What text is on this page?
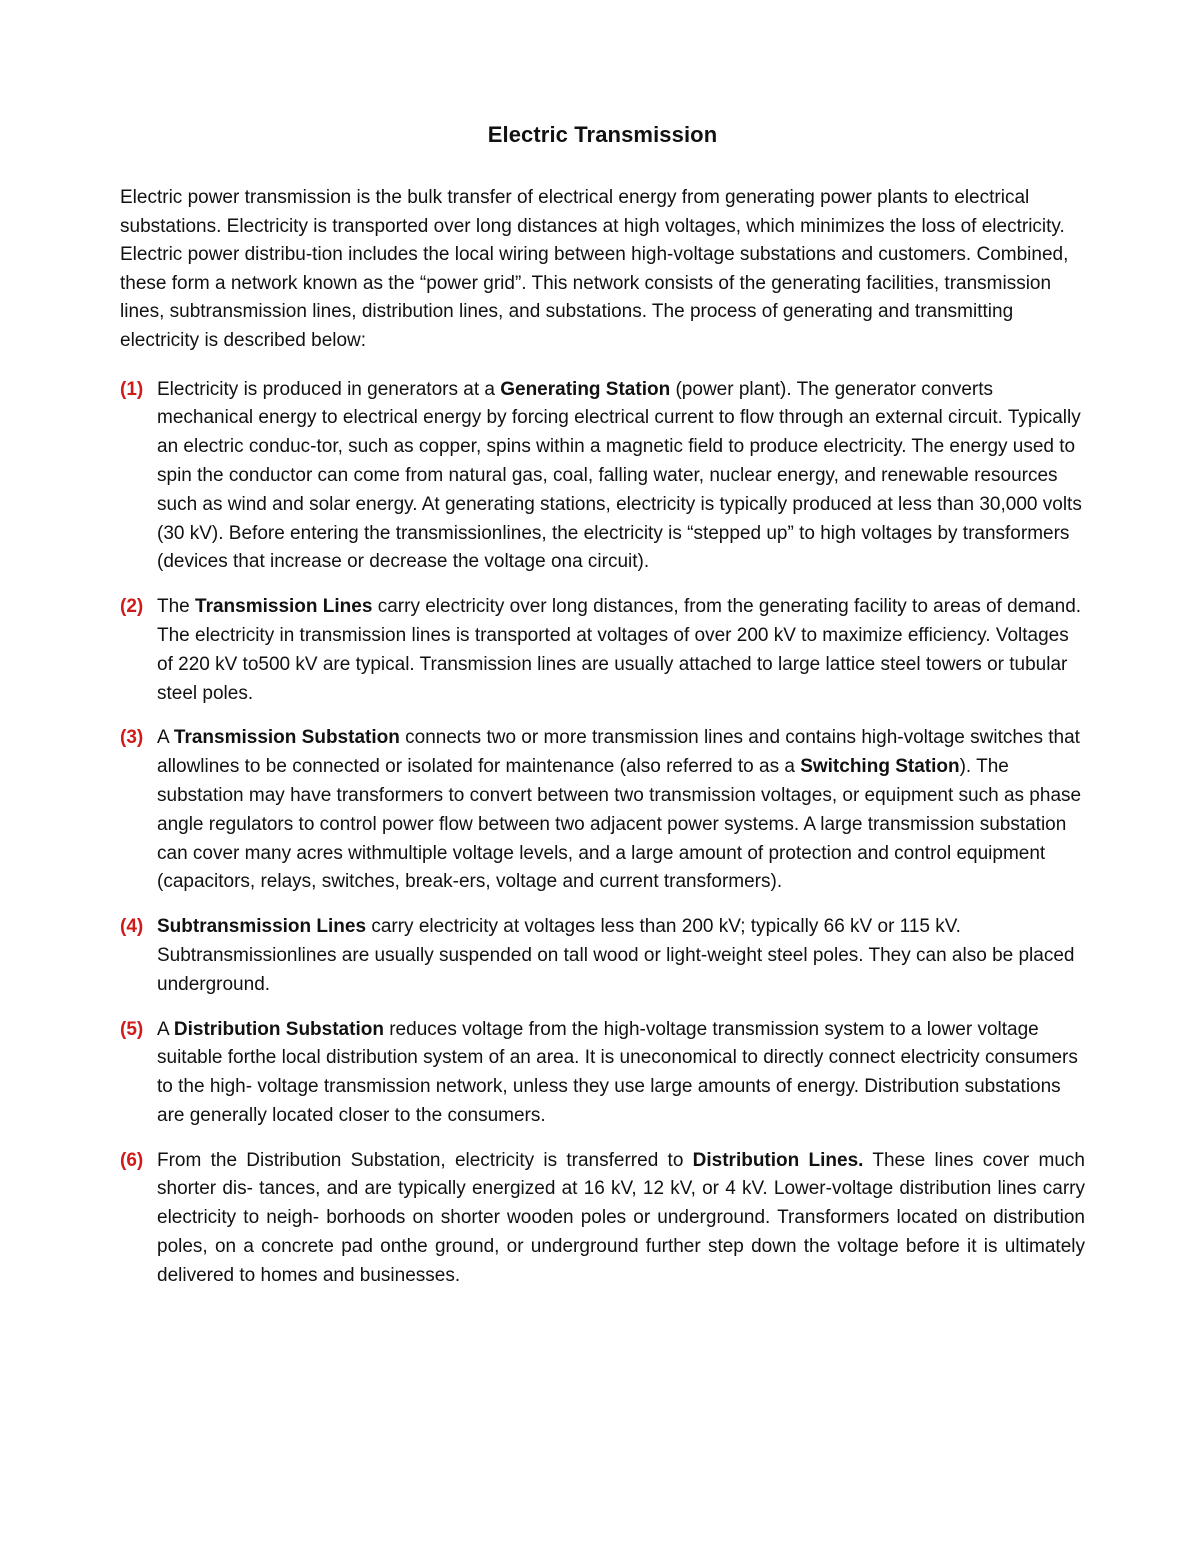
Electric Transmission

Electric power transmission is the bulk transfer of electrical energy from generating power plants to electrical substations. Electricity is transported over long distances at high voltages, which minimizes the loss of electricity. Electric power distribu-tion includes the local wiring between high-voltage substations and customers. Combined, these form a network known as the “power grid”. This network consists of the generating facilities, transmission lines, subtransmission lines, distribution lines, and substations. The process of generating and transmitting electricity is described below:

(1) Electricity is produced in generators at a Generating Station (power plant). The generator converts mechanical energy to electrical energy by forcing electrical current to flow through an external circuit. Typically an electric conduc-tor, such as copper, spins within a magnetic field to produce electricity. The energy used to spin the conductor can come from natural gas, coal, falling water, nuclear energy, and renewable resources such as wind and solar energy. At generating stations, electricity is typically produced at less than 30,000 volts (30 kV). Before entering the transmissionlines, the electricity is “stepped up” to high voltages by transformers (devices that increase or decrease the voltage ona circuit).
(2) The Transmission Lines carry electricity over long distances, from the generating facility to areas of demand. The electricity in transmission lines is transported at voltages of over 200 kV to maximize efficiency. Voltages of 220 kV to500 kV are typical. Transmission lines are usually attached to large lattice steel towers or tubular steel poles.
(3) A Transmission Substation connects two or more transmission lines and contains high-voltage switches that allowlines to be connected or isolated for maintenance (also referred to as a Switching Station). The substation may have transformers to convert between two transmission voltages, or equipment such as phase angle regulators to control power flow between two adjacent power systems. A large transmission substation can cover many acres withmultiple voltage levels, and a large amount of protection and control equipment (capacitors, relays, switches, break-ers, voltage and current transformers).
(4) Subtransmission Lines carry electricity at voltages less than 200 kV; typically 66 kV or 115 kV. Subtransmissionlines are usually suspended on tall wood or light-weight steel poles. They can also be placed underground.
(5) A Distribution Substation reduces voltage from the high-voltage transmission system to a lower voltage suitable forthe local distribution system of an area. It is uneconomical to directly connect electricity consumers to the high- voltage transmission network, unless they use large amounts of energy. Distribution substations are generally located closer to the consumers.
(6) From the Distribution Substation, electricity is transferred to Distribution Lines. These lines cover much shorter dis- tances, and are typically energized at 16 kV, 12 kV, or 4 kV. Lower-voltage distribution lines carry electricity to neigh- borhoods on shorter wooden poles or underground. Transformers located on distribution poles, on a concrete pad onthe ground, or underground further step down the voltage before it is ultimately delivered to homes and businesses.
